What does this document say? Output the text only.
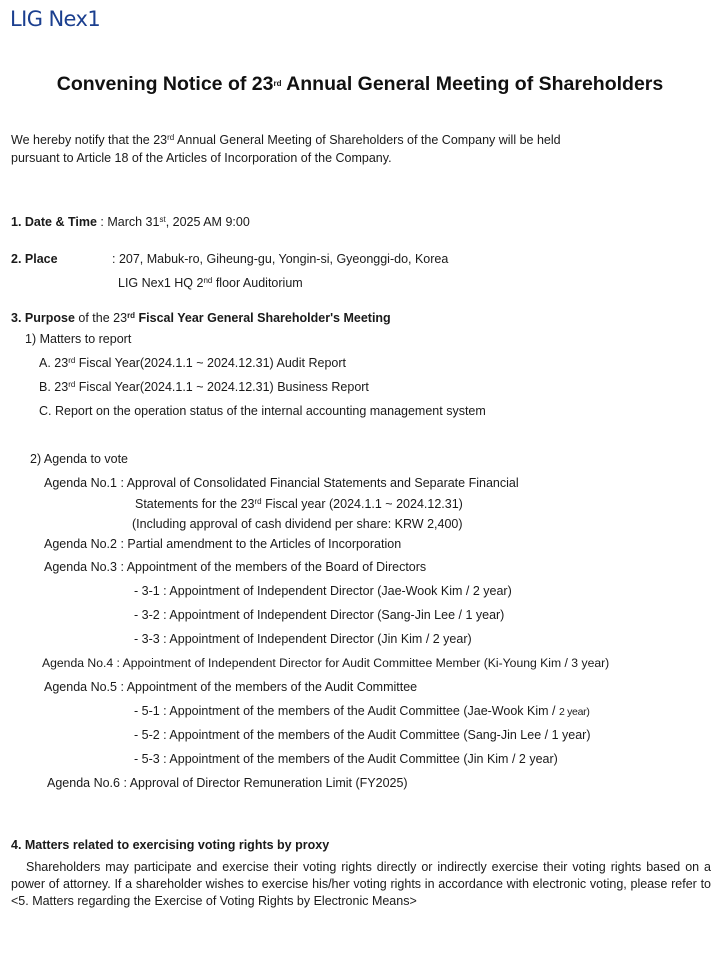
LIG Nex1
Convening Notice of 23rd Annual General Meeting of Shareholders
We hereby notify that the 23rd Annual General Meeting of Shareholders of the Company will be held
pursuant to Article 18 of the Articles of Incorporation of the Company.
1. Date & Time : March 31st, 2025 AM 9:00
2. Place	: 207, Mabuk-ro, Giheung-gu, Yongin-si, Gyeonggi-do, Korea
LIG Nex1 HQ 2nd floor Auditorium
3. Purpose of the 23rd Fiscal Year General Shareholder's Meeting
1) Matters to report
A. 23rd Fiscal Year(2024.1.1 ~ 2024.12.31) Audit Report
B. 23rd Fiscal Year(2024.1.1 ~ 2024.12.31) Business Report
C. Report on the operation status of the internal accounting management system
2) Agenda to vote
Agenda No.1 : Approval of Consolidated Financial Statements and Separate Financial
Statements for the 23rd Fiscal year (2024.1.1 ~ 2024.12.31)
(Including approval of cash dividend per share: KRW 2,400)
Agenda No.2 : Partial amendment to the Articles of Incorporation
Agenda No.3 : Appointment of the members of the Board of Directors
- 3-1 : Appointment of Independent Director (Jae-Wook Kim / 2 year)
- 3-2 : Appointment of Independent Director (Sang-Jin Lee / 1 year)
- 3-3 : Appointment of Independent Director (Jin Kim / 2 year)
Agenda No.4 : Appointment of Independent Director for Audit Committee Member (Ki-Young Kim / 3 year)
Agenda No.5 : Appointment of the members of the Audit Committee
- 5-1 : Appointment of the members of the Audit Committee (Jae-Wook Kim / 2 year)
- 5-2 : Appointment of the members of the Audit Committee (Sang-Jin Lee / 1 year)
- 5-3 : Appointment of the members of the Audit Committee (Jin Kim / 2 year)
Agenda No.6 : Approval of Director Remuneration Limit (FY2025)
4. Matters related to exercising voting rights by proxy
Shareholders may participate and exercise their voting rights directly or indirectly exercise their voting rights based on a power of attorney. If a shareholder wishes to exercise his/her voting rights in accordance with electronic voting, please refer to <5. Matters regarding the Exercise of Voting Rights by Electronic Means>
